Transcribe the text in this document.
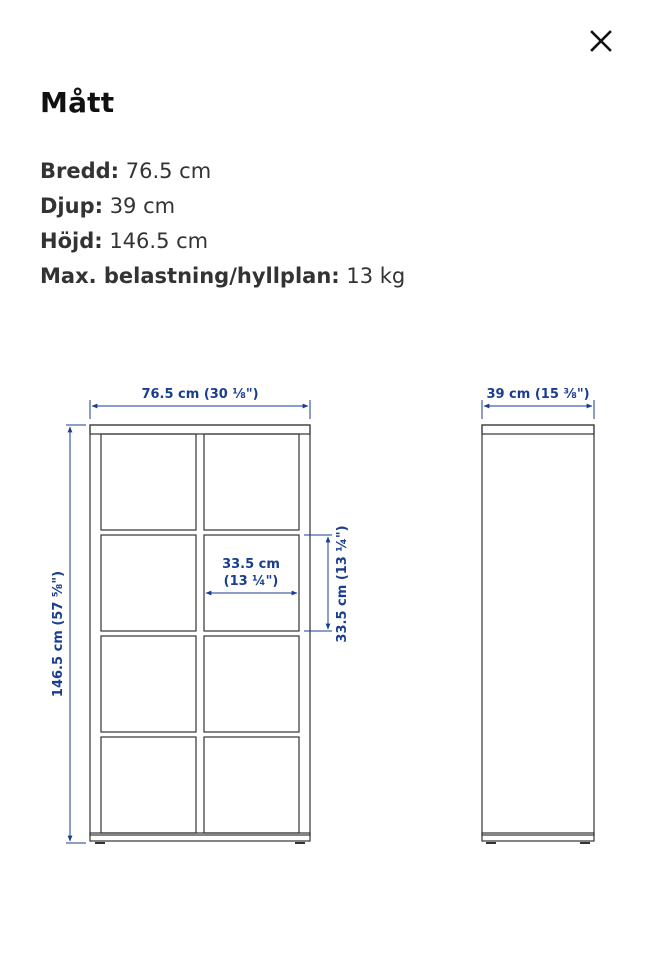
Mått
Bredd: 76.5 cm
Djup: 39 cm
Höjd: 146.5 cm
Max. belastning/hyllplan: 13 kg
76.5 cm (30 ⅛")
146.5 cm (57 ⅝")
33.5 cm
(13 ¼")	33.5 cm (13 ¼")
39 cm (15 ⅜")
